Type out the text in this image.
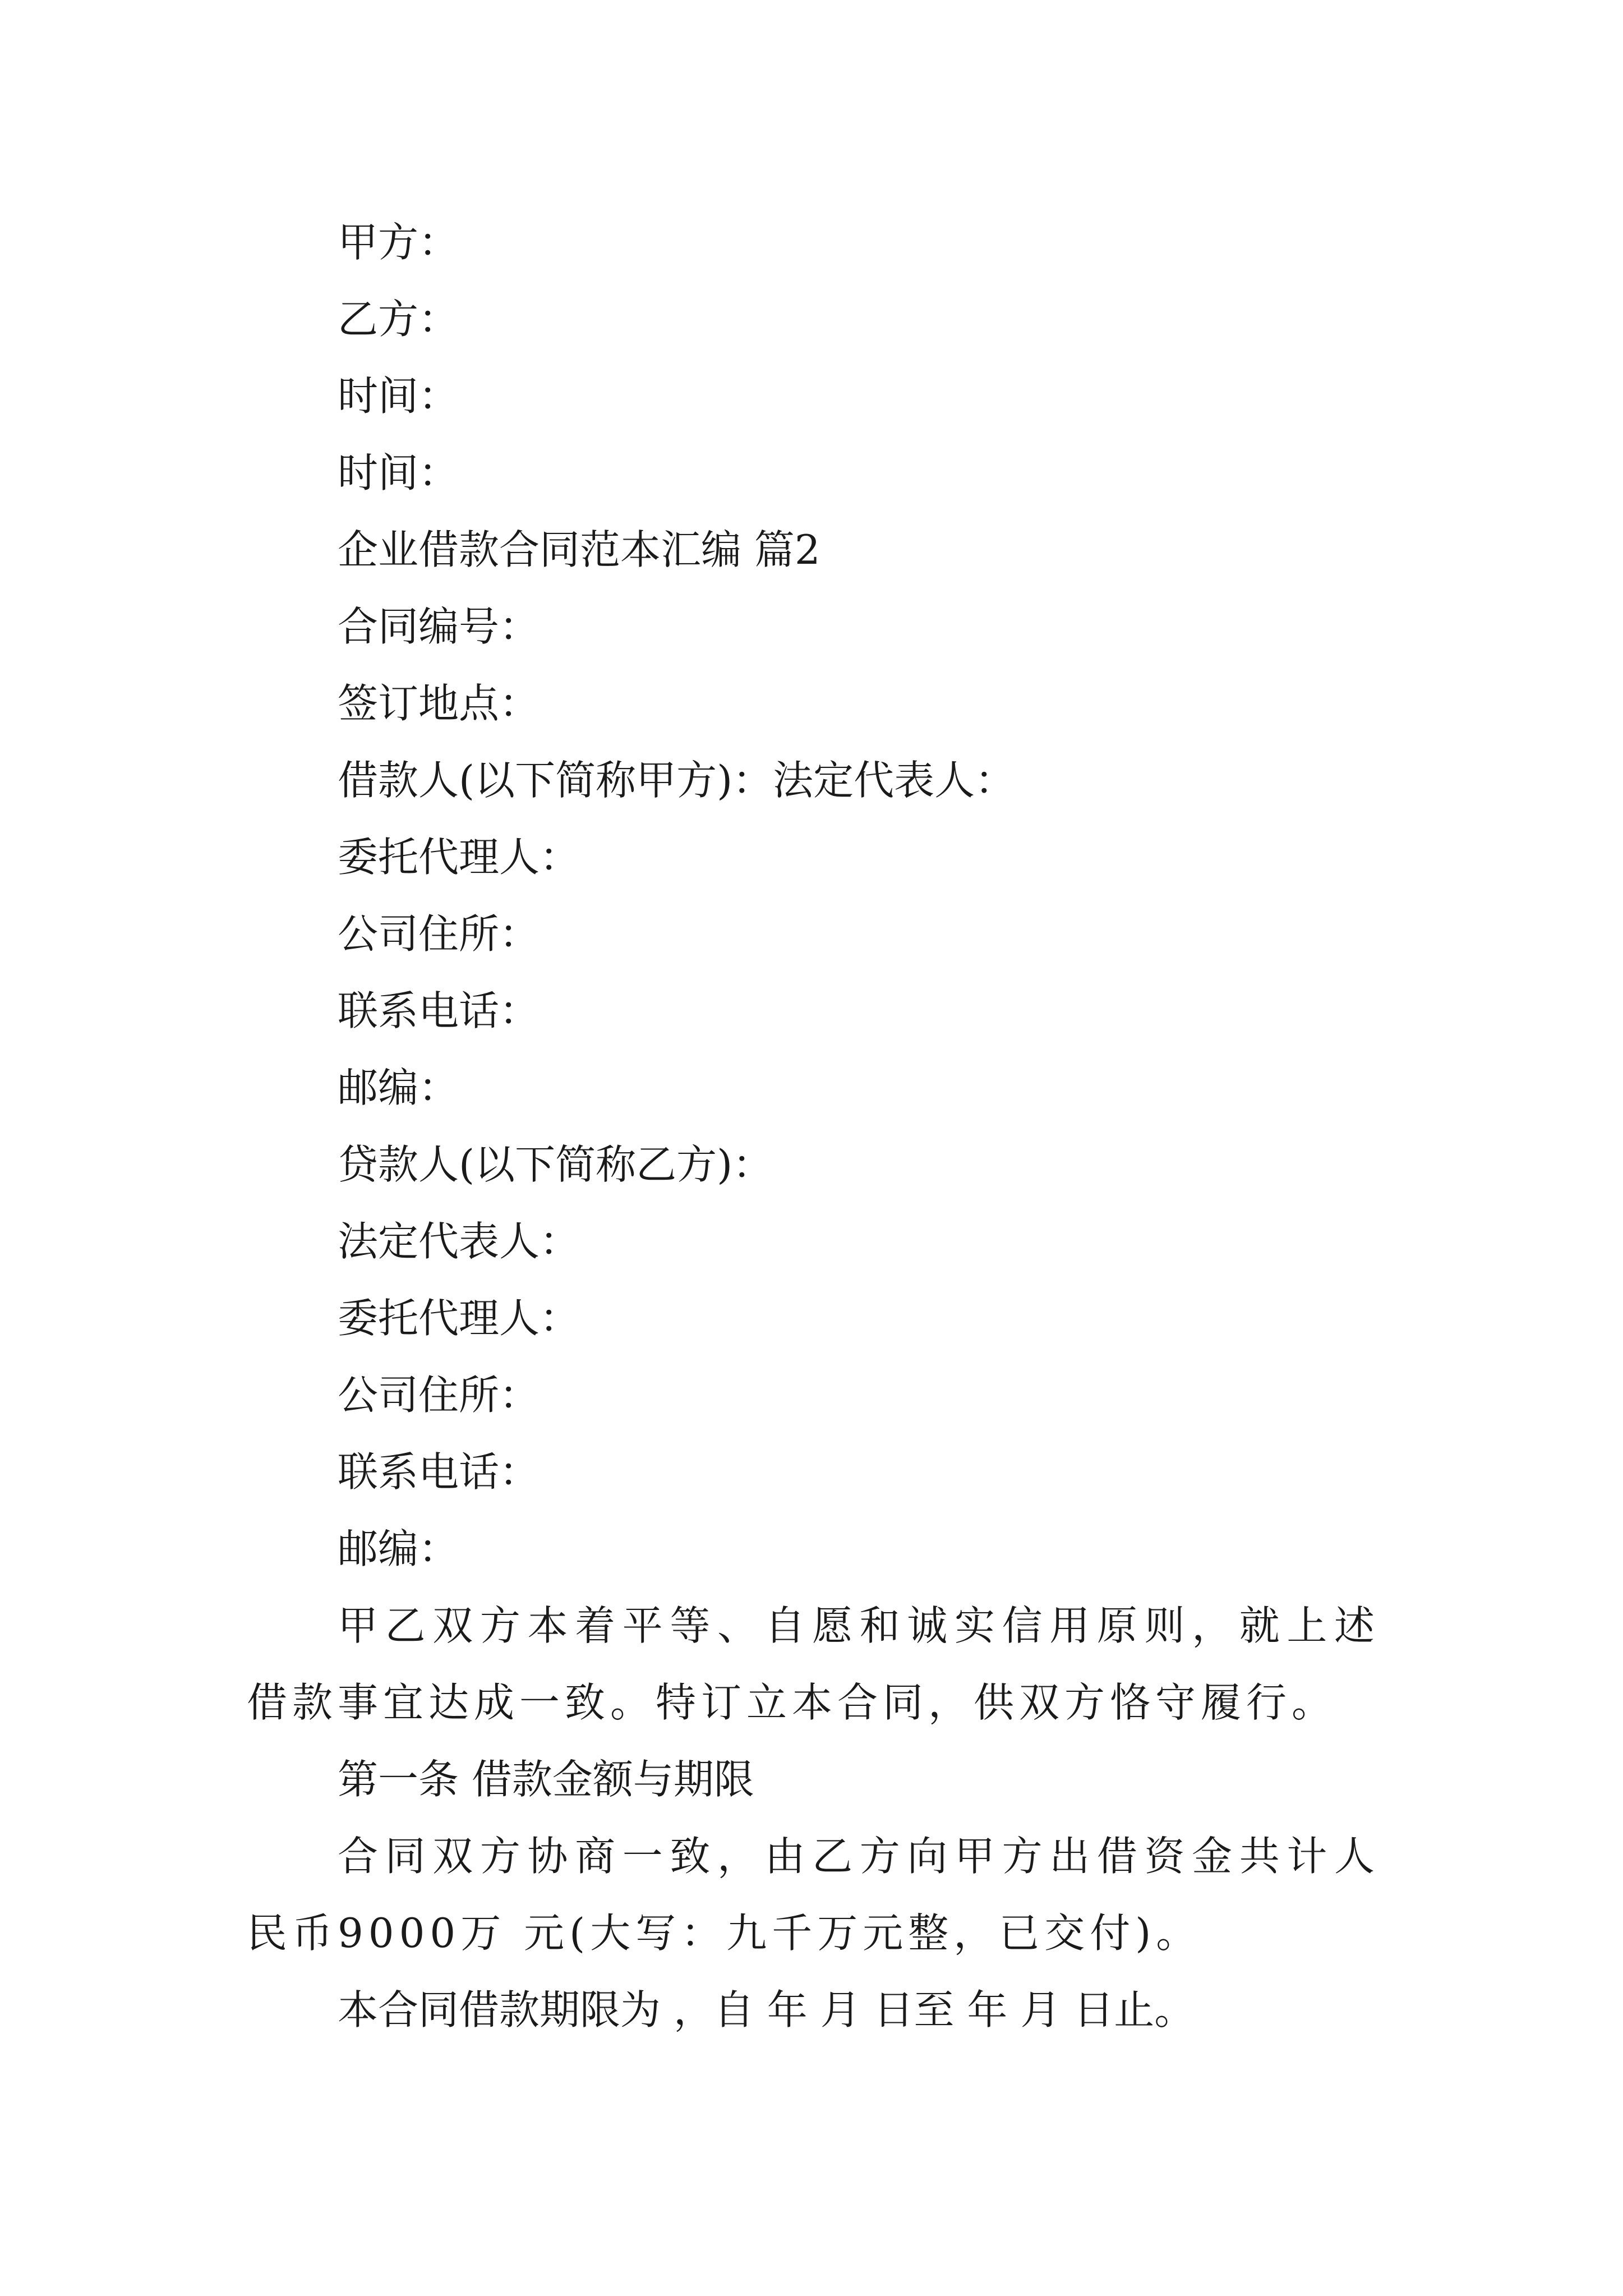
甲方：
乙方：
时间：
时间：
企业借款合同范本汇编 篇2
合同编号：
签订地点：
借款人(以下简称甲方)：法定代表人：
委托代理人：
公司住所：
联系电话：
邮编：
贷款人(以下简称乙方)：
法定代表人：
委托代理人：
公司住所：
联系电话：
邮编：
甲乙双方本着平等、自愿和诚实信用原则，就上述借款事宜达成一致。特订立本合同，供双方恪守履行。
第一条 借款金额与期限
合同双方协商一致，由乙方向甲方出借资金共计人民币9000万 元(大写：九千万元整，已交付)。
本合同借款期限为 ，自 年 月 日至 年 月 日止。
